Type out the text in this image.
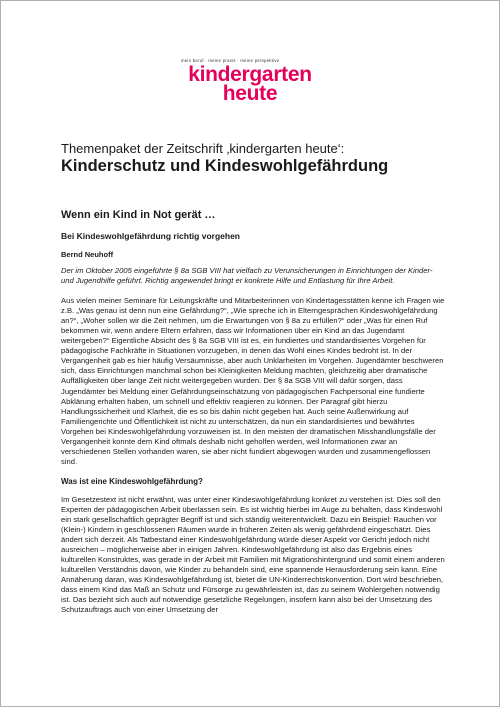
mein beruf · meine praxis · meine perspektive
kindergarten
heute

Themenpaket der Zeitschrift ‚kindergarten heute‘:

Kinderschutz und Kindeswohlgefährdung

Wenn ein Kind in Not gerät …

Bei Kindeswohlgefährdung richtig vorgehen

Bernd Neuhoff

Der im Oktober 2005 eingeführte § 8a SGB VIII hat vielfach zu Verunsicherungen in Einrichtungen der Kinder- und Jugendhilfe geführt. Richtig angewendet bringt er konkrete Hilfe und Entlastung für Ihre Arbeit.

Aus vielen meiner Seminare für Leitungskräfte und Mitarbeiterinnen von Kindertagesstätten kenne ich Fragen wie z.B. „Was genau ist denn nun eine Gefährdung?“, „Wie spreche ich in Elterngesprächen Kindeswohlgefährdung an?“, „Woher sollen wir die Zeit nehmen, um die Erwartungen von § 8a zu erfüllen?“ oder „Was für einen Ruf bekommen wir, wenn andere Eltern erfahren, dass wir Informationen über ein Kind an das Jugendamt weitergeben?“ Eigentliche Absicht des § 8a SGB VIII ist es, ein fundiertes und standardisiertes Vorgehen für pädagogische Fachkräfte in Situationen vorzugeben, in denen das Wohl eines Kindes bedroht ist. In der Vergangenheit gab es hier häufig Versäumnisse, aber auch Unklarheiten im Vorgehen. Jugendämter beschweren sich, dass Einrichtungen manchmal schon bei Kleinigkeiten Meldung machten, gleichzeitig aber dramatische Auffälligkeiten über lange Zeit nicht weitergegeben wurden. Der § 8a SGB VIII will dafür sorgen, dass Jugendämter bei Meldung einer Gefährdungseinschätzung von pädagogischen Fachpersonal eine fundierte Abklärung erhalten haben, um schnell und effektiv reagieren zu können. Der Paragraf gibt hierzu Handlungssicherheit und Klarheit, die es so bis dahin nicht gegeben hat. Auch seine Außenwirkung auf Familiengerichte und Öffentlichkeit ist nicht zu unterschätzen, da nun ein standardisiertes und bewährtes Vorgehen bei Kindeswohlgefährdung vorzuweisen ist. In den meisten der dramatischen Misshandlungsfälle der Vergangenheit konnte dem Kind oftmals deshalb nicht geholfen werden, weil Informationen zwar an verschiedenen Stellen vorhanden waren, sie aber nicht fundiert abgewogen wurden und zusammengeflossen sind.

Was ist eine Kindeswohlgefährdung?

Im Gesetzestext ist nicht erwähnt, was unter einer Kindeswohlgefährdung konkret zu verstehen ist. Dies soll den Experten der pädagogischen Arbeit überlassen sein. Es ist wichtig hierbei im Auge zu behalten, dass Kindeswohl ein stark gesellschaftlich geprägter Begriff ist und sich ständig weiterentwickelt. Dazu ein Beispiel: Rauchen vor (Klein-) Kindern in geschlossenen Räumen wurde in früheren Zeiten als wenig gefährdend eingeschätzt. Dies ändert sich derzeit. Als Tatbestand einer Kindeswohlgefährdung würde dieser Aspekt vor Gericht jedoch nicht ausreichen – möglicherweise aber in einigen Jahren. Kindeswohlgefährdung ist also das Ergebnis eines kulturellen Konstruktes, was gerade in der Arbeit mit Familien mit Migrationshintergrund und somit einem anderen kulturellen Verständnis davon, wie Kinder zu behandeln sind, eine spannende Herausforderung sein kann. Eine Annäherung daran, was Kindeswohlgefährdung ist, bietet die UN-Kinderrechtskonvention. Dort wird beschrieben, dass einem Kind das Maß an Schutz und Fürsorge zu gewährleisten ist, das zu seinem Wohlergehen notwendig ist. Das bezieht sich auch auf notwendige gesetzliche Regelungen, insofern kann also bei der Umsetzung des Schutzauftrags auch von einer Umsetzung der
